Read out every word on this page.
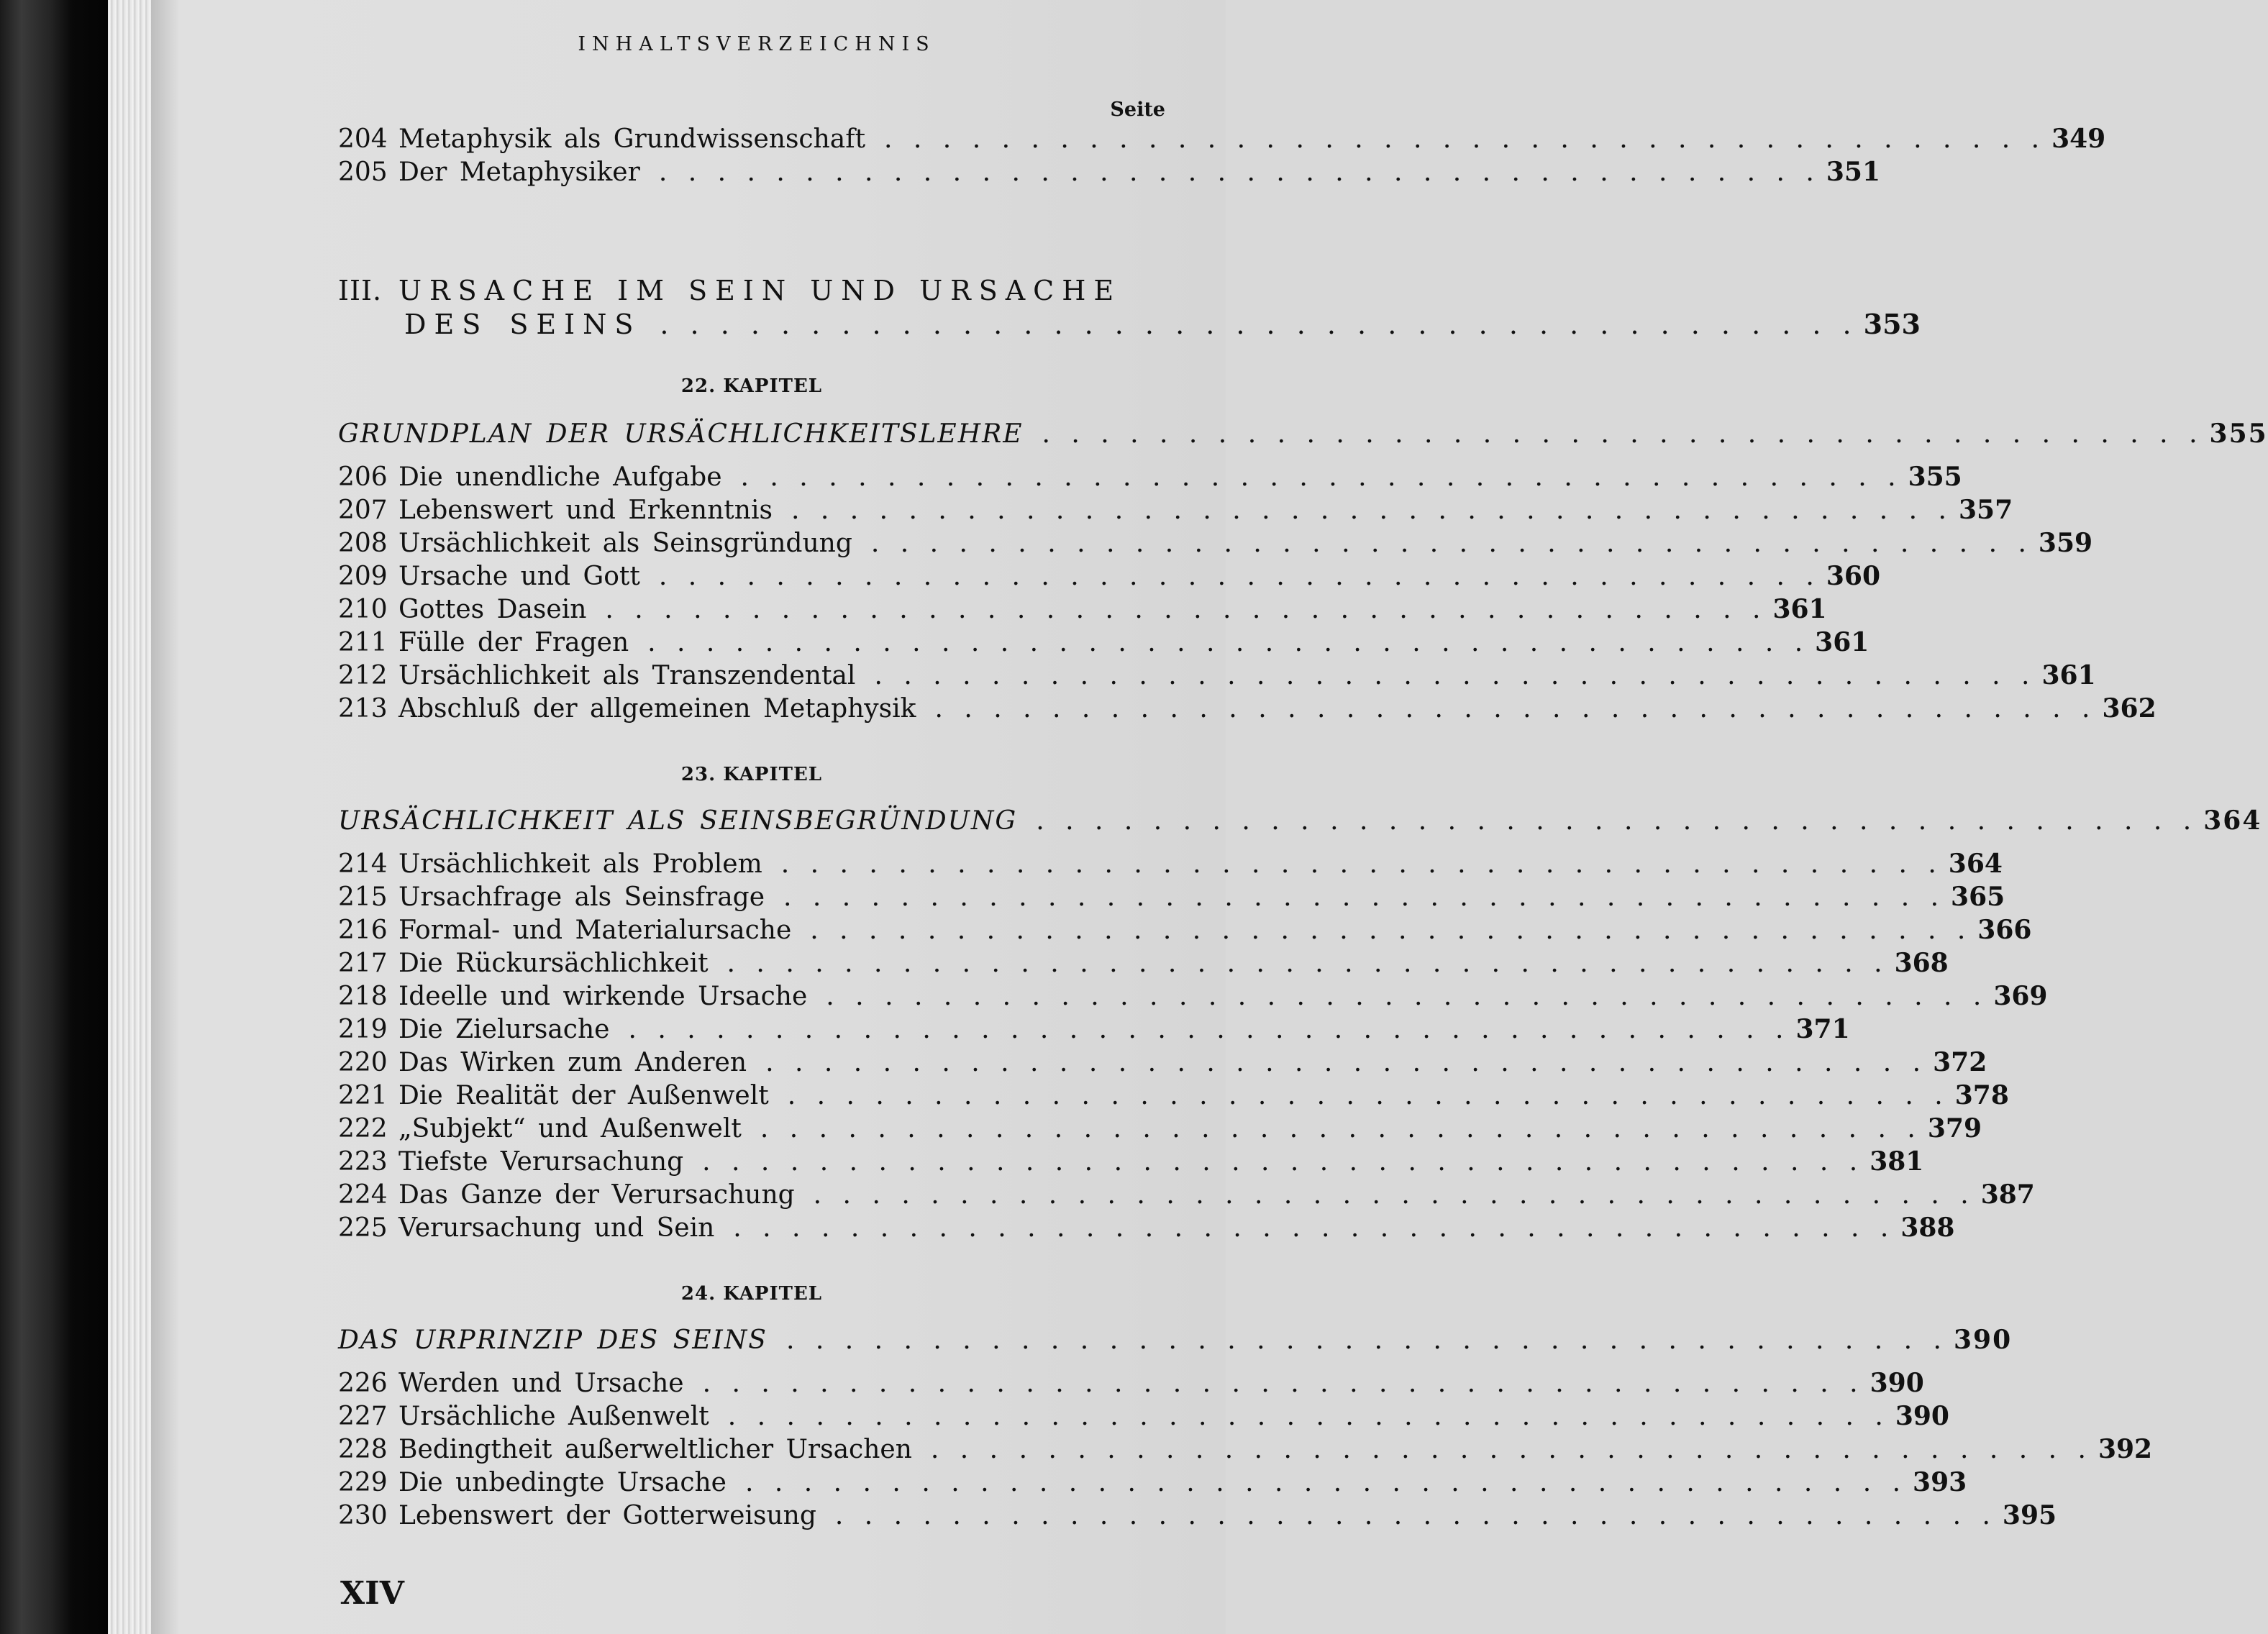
INHALTSVERZEICHNIS
Seite
204 Metaphysik als Grundwissenschaft . . . . . . . . . . . . . . . . . . . . . . . . . . . . . . . . . . . . . . . . 349
205 Der Metaphysiker . . . . . . . . . . . . . . . . . . . . . . . . . . . . . . . . . . . . . . . . 351
III. URSACHE IM SEIN UND URSACHE
DES SEINS . . . . . . . . . . . . . . . . . . . . . . . . . . . . . . . . . . . . . . . . 353
22. KAPITEL
GRUNDPLAN DER URSÄCHLICHKEITSLEHRE . . . . . . . . . . . . . . . . . . . . . . . . . . . . . . . . . . . . . . . . 355
206 Die unendliche Aufgabe . . . . . . . . . . . . . . . . . . . . . . . . . . . . . . . . . . . . . . . . 355
207 Lebenswert und Erkenntnis . . . . . . . . . . . . . . . . . . . . . . . . . . . . . . . . . . . . . . . . 357
208 Ursächlichkeit als Seinsgründung . . . . . . . . . . . . . . . . . . . . . . . . . . . . . . . . . . . . . . . . 359
209 Ursache und Gott . . . . . . . . . . . . . . . . . . . . . . . . . . . . . . . . . . . . . . . . 360
210 Gottes Dasein . . . . . . . . . . . . . . . . . . . . . . . . . . . . . . . . . . . . . . . . 361
211 Fülle der Fragen . . . . . . . . . . . . . . . . . . . . . . . . . . . . . . . . . . . . . . . . 361
212 Ursächlichkeit als Transzendental . . . . . . . . . . . . . . . . . . . . . . . . . . . . . . . . . . . . . . . . 361
213 Abschluß der allgemeinen Metaphysik . . . . . . . . . . . . . . . . . . . . . . . . . . . . . . . . . . . . . . . . 362
23. KAPITEL
URSÄCHLICHKEIT ALS SEINSBEGRÜNDUNG . . . . . . . . . . . . . . . . . . . . . . . . . . . . . . . . . . . . . . . . 364
214 Ursächlichkeit als Problem . . . . . . . . . . . . . . . . . . . . . . . . . . . . . . . . . . . . . . . . 364
215 Ursachfrage als Seinsfrage . . . . . . . . . . . . . . . . . . . . . . . . . . . . . . . . . . . . . . . . 365
216 Formal- und Materialursache . . . . . . . . . . . . . . . . . . . . . . . . . . . . . . . . . . . . . . . . 366
217 Die Rückursächlichkeit . . . . . . . . . . . . . . . . . . . . . . . . . . . . . . . . . . . . . . . . 368
218 Ideelle und wirkende Ursache . . . . . . . . . . . . . . . . . . . . . . . . . . . . . . . . . . . . . . . . 369
219 Die Zielursache . . . . . . . . . . . . . . . . . . . . . . . . . . . . . . . . . . . . . . . . 371
220 Das Wirken zum Anderen . . . . . . . . . . . . . . . . . . . . . . . . . . . . . . . . . . . . . . . . 372
221 Die Realität der Außenwelt . . . . . . . . . . . . . . . . . . . . . . . . . . . . . . . . . . . . . . . . 378
222 „Subjekt“ und Außenwelt . . . . . . . . . . . . . . . . . . . . . . . . . . . . . . . . . . . . . . . . 379
223 Tiefste Verursachung . . . . . . . . . . . . . . . . . . . . . . . . . . . . . . . . . . . . . . . . 381
224 Das Ganze der Verursachung . . . . . . . . . . . . . . . . . . . . . . . . . . . . . . . . . . . . . . . . 387
225 Verursachung und Sein . . . . . . . . . . . . . . . . . . . . . . . . . . . . . . . . . . . . . . . . 388
24. KAPITEL
DAS URPRINZIP DES SEINS . . . . . . . . . . . . . . . . . . . . . . . . . . . . . . . . . . . . . . . . 390
226 Werden und Ursache . . . . . . . . . . . . . . . . . . . . . . . . . . . . . . . . . . . . . . . . 390
227 Ursächliche Außenwelt . . . . . . . . . . . . . . . . . . . . . . . . . . . . . . . . . . . . . . . . 390
228 Bedingtheit außerweltlicher Ursachen . . . . . . . . . . . . . . . . . . . . . . . . . . . . . . . . . . . . . . . . 392
229 Die unbedingte Ursache . . . . . . . . . . . . . . . . . . . . . . . . . . . . . . . . . . . . . . . . 393
230 Lebenswert der Gotterweisung . . . . . . . . . . . . . . . . . . . . . . . . . . . . . . . . . . . . . . . . 395
XIV
